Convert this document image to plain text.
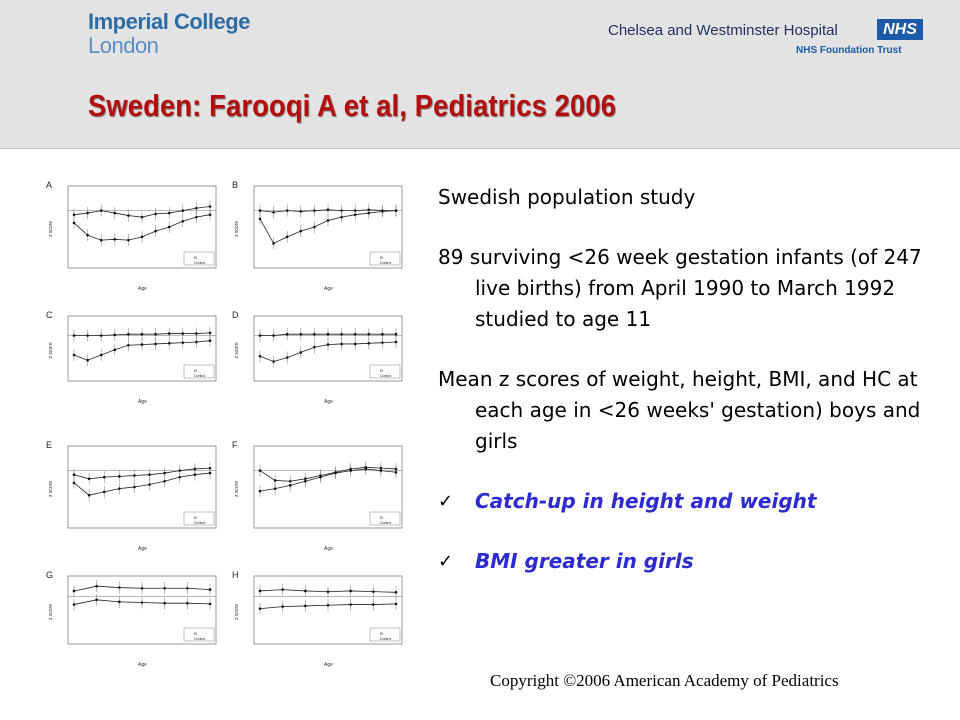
Imperial College
London
Chelsea and Westminster Hospital	NHS
NHS Foundation Trust
Sweden: Farooqi A et al, Pediatrics 2006
A
z score
Age
EI
Control
B
z score
Age
EI
Control
C
z score
Age
EI
Control
D
z score
Age
EI
Control
E
z score
Age
EI
Control
F
z score
Age
EI
Control
G
z score
Age
EI
Control
H
z score
Age
EI
Control

Swedish population study

89 surviving <26 week gestation infants (of 247 live births) from April 1990 to March 1992 studied to age 11

Mean z scores of weight, height, BMI, and HC at each age in <26 weeks' gestation) boys and girls

✓ Catch-up in height and weight

✓ BMI greater in girls

Copyright ©2006 American Academy of Pediatrics
